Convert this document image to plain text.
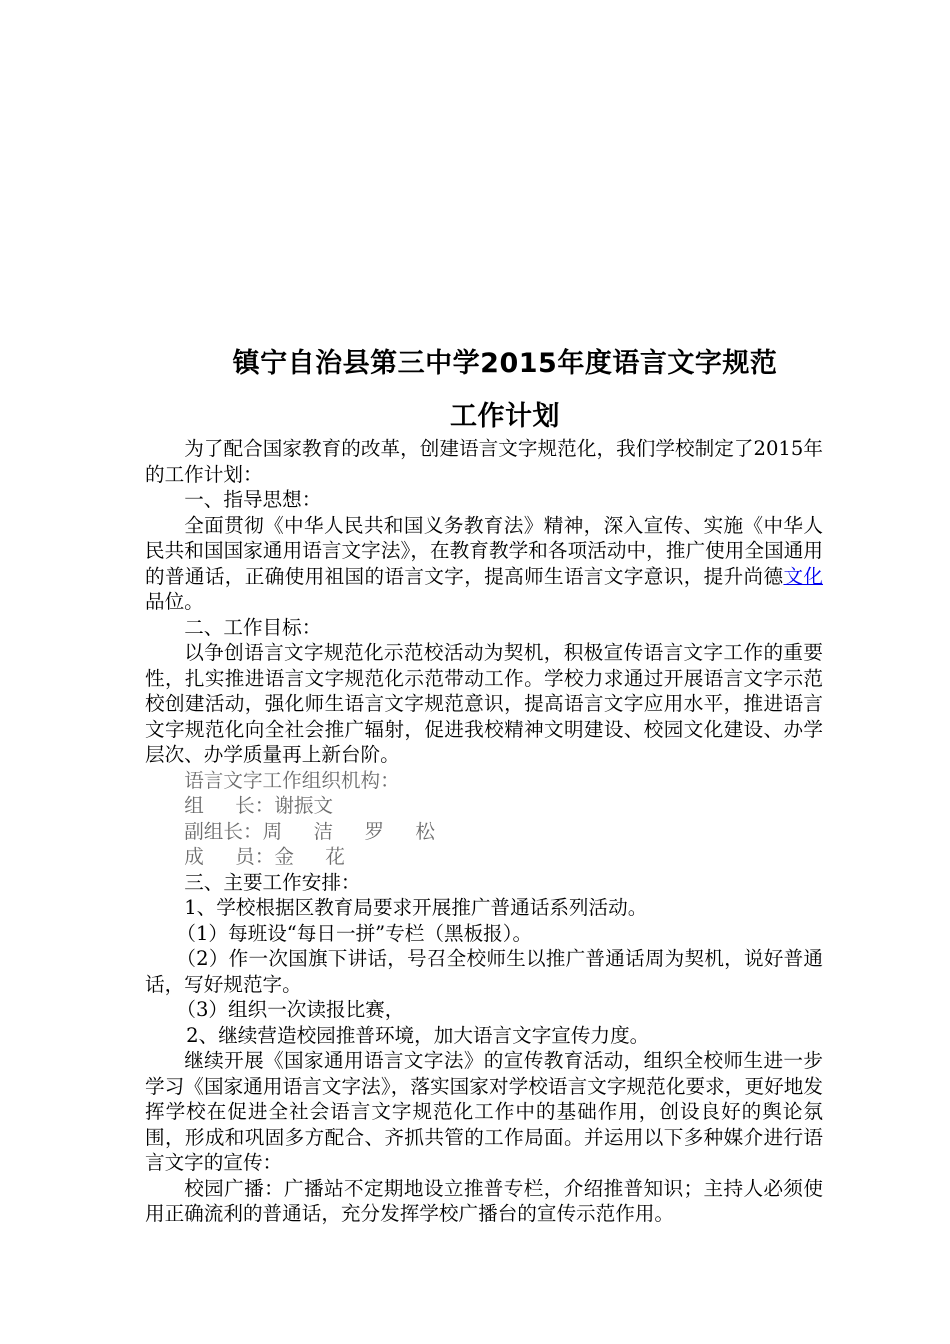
镇宁自治县第三中学2015年度语言文字规范
工作计划

为了配合国家教育的改革，创建语言文字规范化，我们学校制定了2015年的工作计划：

一、指导思想：

全面贯彻《中华人民共和国义务教育法》精神，深入宣传、实施《中华人民共和国国家通用语言文字法》，在教育教学和各项活动中，推广使用全国通用的普通话，正确使用祖国的语言文字，提高师生语言文字意识，提升尚德文化品位。

二、工作目标：

以争创语言文字规范化示范校活动为契机，积极宣传语言文字工作的重要性，扎实推进语言文字规范化示范带动工作。学校力求通过开展语言文字示范校创建活动，强化师生语言文字规范意识，提高语言文字应用水平，推进语言文字规范化向全社会推广辐射，促进我校精神文明建设、校园文化建设、办学层次、办学质量再上新台阶。

语言文字工作组织机构：

组 长：谢振文

副组长：周 洁 罗 松

成 员：金 花

三、主要工作安排：

1、学校根据区教育局要求开展推广普通话系列活动。

（1）每班设“每日一拼”专栏（黑板报）。

（2）作一次国旗下讲话，号召全校师生以推广普通话周为契机，说好普通话，写好规范字。

（3）组织一次读报比赛，

2、继续营造校园推普环境，加大语言文字宣传力度。

继续开展《国家通用语言文字法》的宣传教育活动，组织全校师生进一步学习《国家通用语言文字法》，落实国家对学校语言文字规范化要求，更好地发挥学校在促进全社会语言文字规范化工作中的基础作用，创设良好的舆论氛围，形成和巩固多方配合、齐抓共管的工作局面。并运用以下多种媒介进行语言文字的宣传：

校园广播：广播站不定期地设立推普专栏，介绍推普知识；主持人必须使用正确流利的普通话，充分发挥学校广播台的宣传示范作用。
